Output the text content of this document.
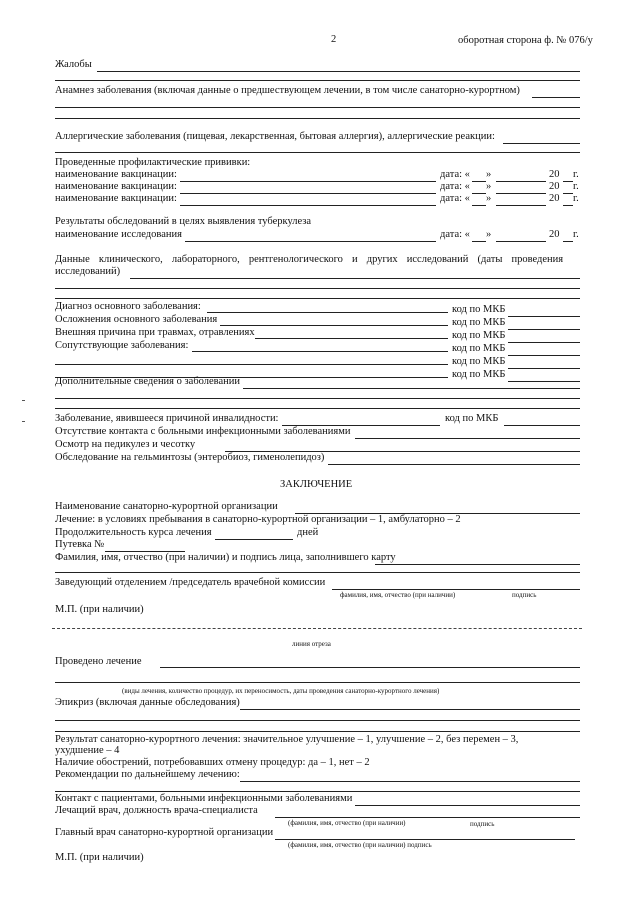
2	оборотная сторона ф. № 076/у
Жалобы
Анамнез заболевания (включая данные о предшествующем лечении, в том числе санаторно-курортном)
Аллергические заболевания (пищевая, лекарственная, бытовая аллергия), аллергические реакции:
Проведенные профилактические прививки:
наименование вакцинации:	дата: « »	20 г.
наименование вакцинации:	дата: « »	20 г.
наименование вакцинации:	дата: « »	20 г.
Результаты обследований в целях выявления туберкулеза
наименование исследования	дата: « »	20 г.
Данные клинического, лабораторного, рентгенологического и других исследований (даты проведения
исследований)
Диагноз основного заболевания:	код по МКБ
Осложнения основного заболевания	код по МКБ
Внешняя причина при травмах, отравлениях	код по МКБ
Сопутствующие заболевания:	код по МКБ
код по МКБ
код по МКБ
Дополнительные сведения о заболевании
Заболевание, явившееся причиной инвалидности:	код по МКБ
Отсутствие контакта с больными инфекционными заболеваниями
Осмотр на педикулез и чесотку
Обследование на гельминтозы (энтеробиоз, гименолепидоз)
ЗАКЛЮЧЕНИЕ
Наименование санаторно-курортной организации
Лечение: в условиях пребывания в санаторно-курортной организации – 1, амбулаторно – 2
Продолжительность курса лечения	дней
Путевка №
Фамилия, имя, отчество (при наличии) и подпись лица, заполнившего карту
Заведующий отделением /председатель врачебной комиссии
фамилия, имя, отчество (при наличии)	подпись
М.П. (при наличии)
линия отреза
Проведено лечение
(виды лечения, количество процедур, их переносимость, даты проведения санаторно-курортного лечения)
Эпикриз (включая данные обследования)
Результат санаторно-курортного лечения: значительное улучшение – 1, улучшение – 2, без перемен – 3,
ухудшение – 4
Наличие обострений, потребовавших отмену процедур: да – 1, нет – 2
Рекомендации по дальнейшему лечению:
Контакт с пациентами, больными инфекционными заболеваниями
Лечащий врач, должность врача-специалиста
(фамилия, имя, отчество (при наличии)	подпись
Главный врач санаторно-курортной организации
(фамилия, имя, отчество (при наличии) подпись
М.П. (при наличии)
